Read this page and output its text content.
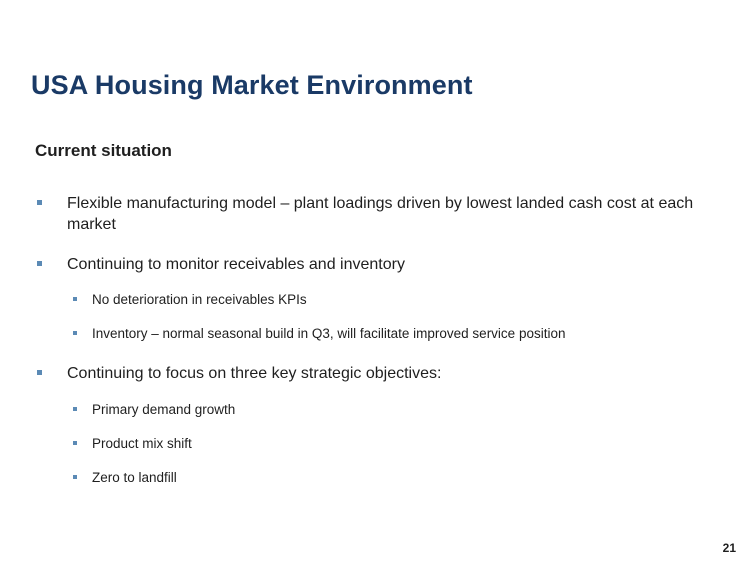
USA Housing Market Environment
Current situation
Flexible manufacturing model – plant loadings driven by lowest landed cash cost at each market
Continuing to monitor receivables and inventory
No deterioration in receivables KPIs
Inventory – normal seasonal build in Q3, will facilitate improved service position
Continuing to focus on three key strategic objectives:
Primary demand growth
Product mix shift
Zero to landfill
21
